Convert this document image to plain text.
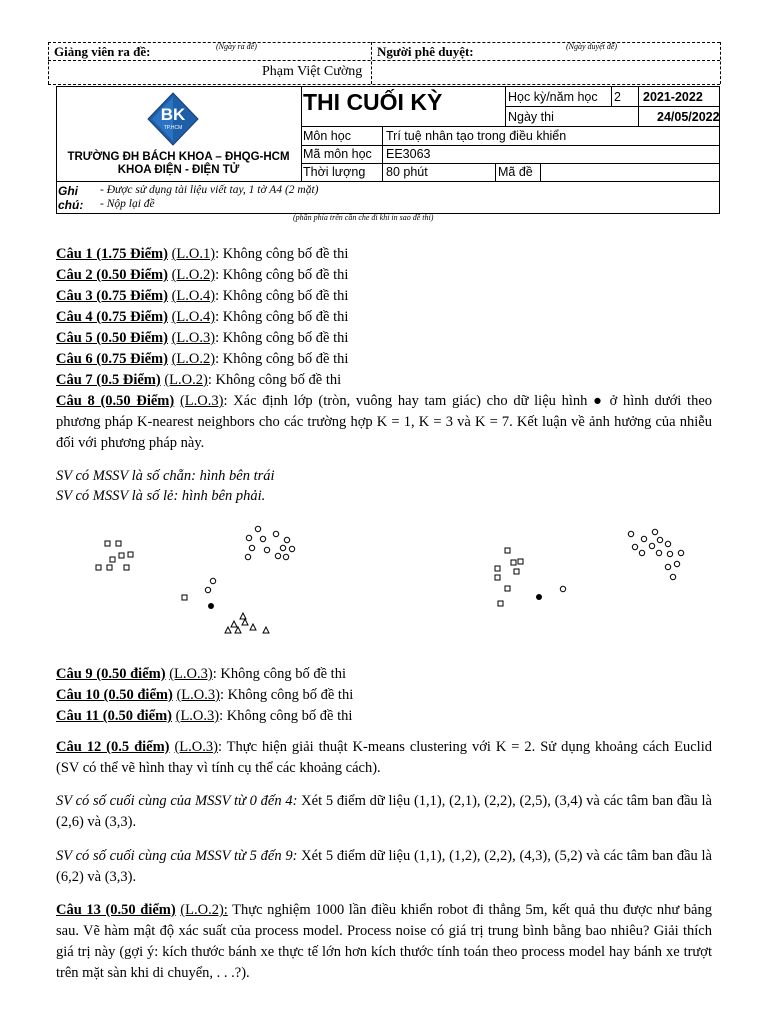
Giảng viên ra đề:	(Ngày ra đề)	Người phê duyệt:	(Ngày duyệt đề)
Phạm Việt Cường
BK
TP.HCM
TRƯỜNG ĐH BÁCH KHOA – ĐHQG-HCM
KHOA ĐIỆN - ĐIỆN TỬ
THI CUỐI KỲ	Học kỳ/năm học 2 2021-2022
Ngày thi	24/05/2022
Môn học	Trí tuệ nhân tạo trong điều khiển
Mã môn học EE3063
Thời lượng 80 phút	Mã đề
Ghi
chú:
- Được sử dụng tài liệu viết tay, 1 tờ A4 (2 mặt)
- Nộp lại đề
(phần phía trên cần che đi khi in sao đề thi)
Câu 1 (1.75 Điểm) (L.O.1): Không công bố đề thi
Câu 2 (0.50 Điểm) (L.O.2): Không công bố đề thi
Câu 3 (0.75 Điểm) (L.O.4): Không công bố đề thi
Câu 4 (0.75 Điểm) (L.O.4): Không công bố đề thi
Câu 5 (0.50 Điểm) (L.O.3): Không công bố đề thi
Câu 6 (0.75 Điểm) (L.O.2): Không công bố đề thi
Câu 7 (0.5 Điểm) (L.O.2): Không công bố đề thi
Câu 8 (0.50 Điểm) (L.O.3): Xác định lớp (tròn, vuông hay tam giác) cho dữ liệu hình ● ở hình dưới theo phương pháp K-nearest neighbors cho các trường hợp K = 1, K = 3 và K = 7. Kết luận về ảnh hưởng của nhiễu đối với phương pháp này.
SV có MSSV là số chẵn: hình bên trái
SV có MSSV là số lẻ: hình bên phải.
Câu 9 (0.50 điểm) (L.O.3): Không công bố đề thi
Câu 10 (0.50 điểm) (L.O.3): Không công bố đề thi
Câu 11 (0.50 điểm) (L.O.3): Không công bố đề thi
Câu 12 (0.5 điểm) (L.O.3): Thực hiện giải thuật K-means clustering với K = 2. Sử dụng khoảng cách Euclid (SV có thể vẽ hình thay vì tính cụ thể các khoảng cách).
SV có số cuối cùng của MSSV từ 0 đến 4: Xét 5 điểm dữ liệu (1,1), (2,1), (2,2), (2,5), (3,4) và các tâm ban đầu là (2,6) và (3,3).
SV có số cuối cùng của MSSV từ 5 đến 9: Xét 5 điểm dữ liệu (1,1), (1,2), (2,2), (4,3), (5,2) và các tâm ban đầu là (6,2) và (3,3).
Câu 13 (0.50 điểm) (L.O.2): Thực nghiệm 1000 lần điều khiển robot đi thẳng 5m, kết quả thu được như bảng sau. Vẽ hàm mật độ xác suất của process model. Process noise có giá trị trung bình bằng bao nhiêu? Giải thích giá trị này (gợi ý: kích thước bánh xe thực tế lớn hơn kích thước tính toán theo process model hay bánh xe trượt trên mặt sàn khi di chuyển, . . .?).
